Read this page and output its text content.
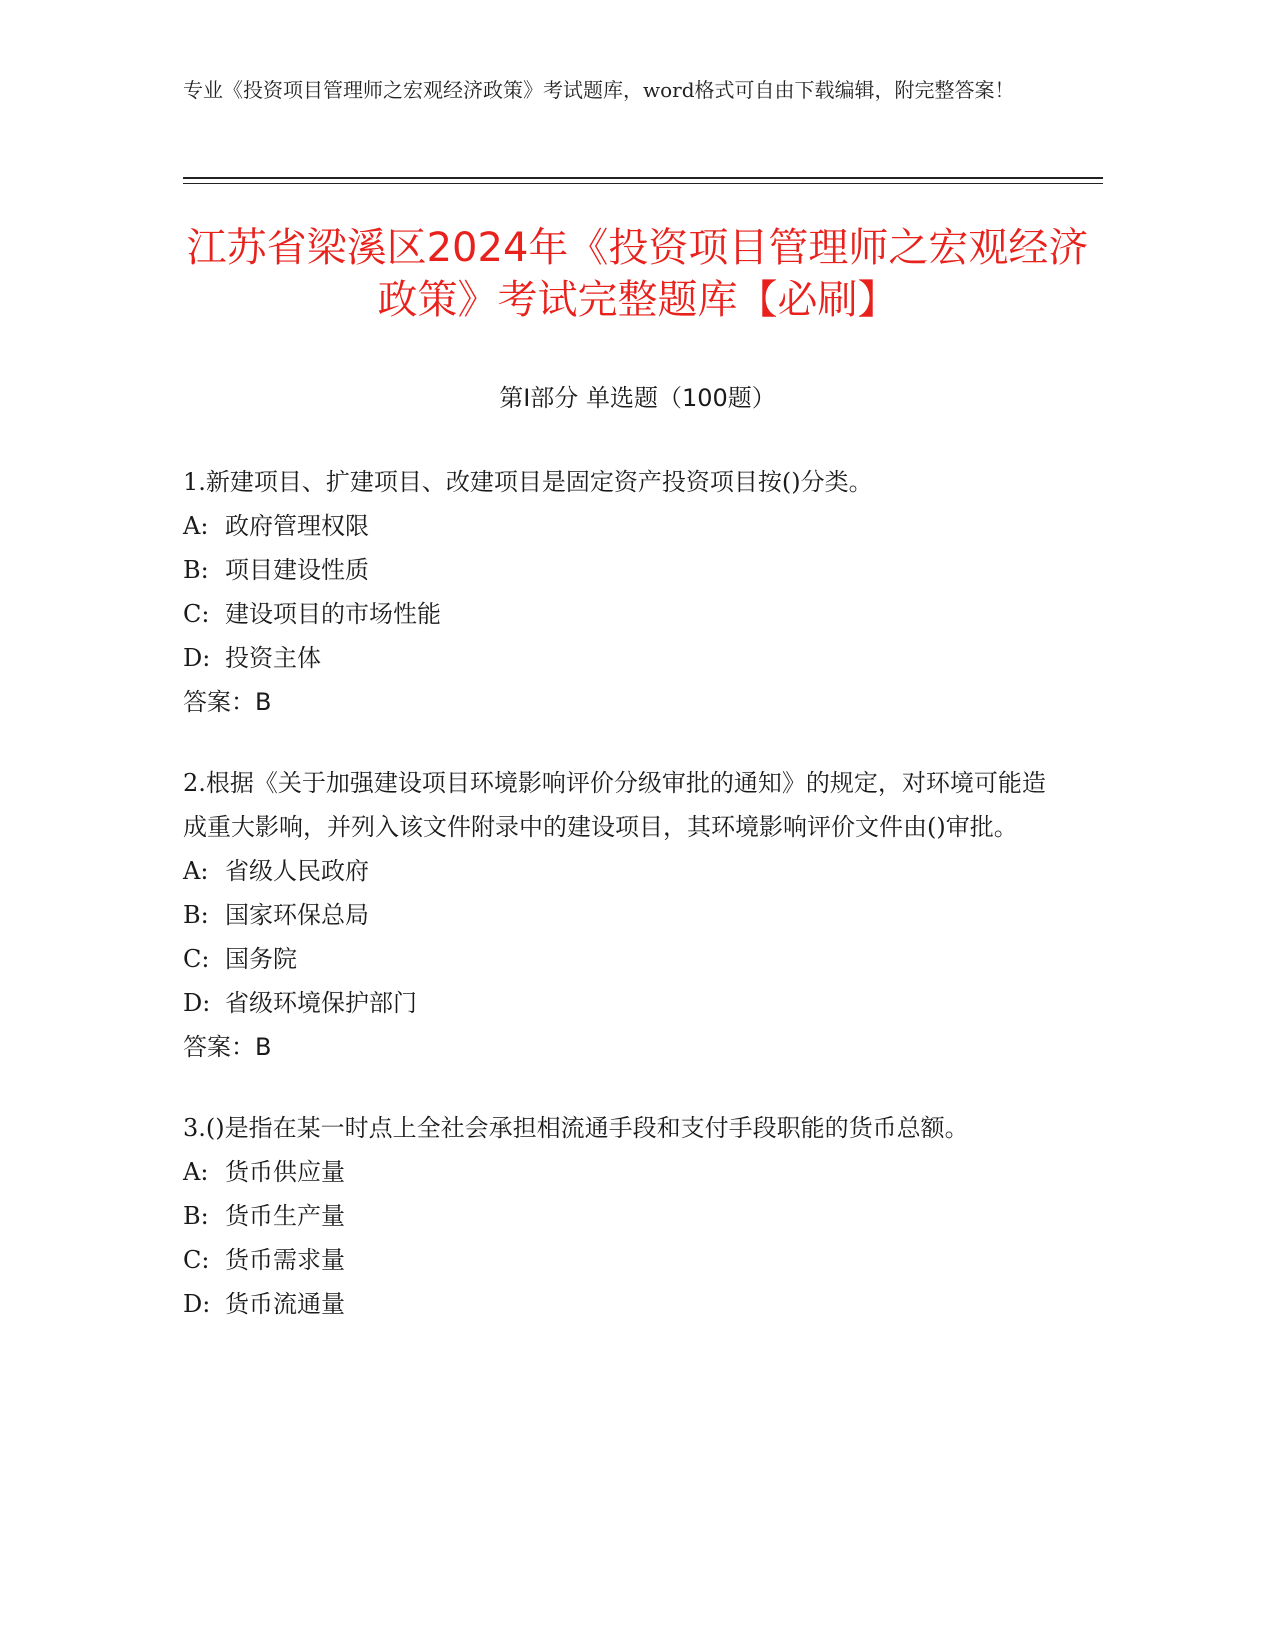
专业《投资项目管理师之宏观经济政策》考试题库，word格式可自由下载编辑，附完整答案！
江苏省梁溪区2024年《投资项目管理师之宏观经济政策》考试完整题库【必刷】
第Ⅰ部分 单选题（100题）
1.新建项目、扩建项目、改建项目是固定资产投资项目按()分类。
A: 政府管理权限
B: 项目建设性质
C: 建设项目的市场性能
D: 投资主体
答案：B
2.根据《关于加强建设项目环境影响评价分级审批的通知》的规定，对环境可能造成重大影响，并列入该文件附录中的建设项目，其环境影响评价文件由()审批。
A: 省级人民政府
B: 国家环保总局
C: 国务院
D: 省级环境保护部门
答案：B
3.()是指在某一时点上全社会承担相流通手段和支付手段职能的货币总额。
A: 货币供应量
B: 货币生产量
C: 货币需求量
D: 货币流通量
